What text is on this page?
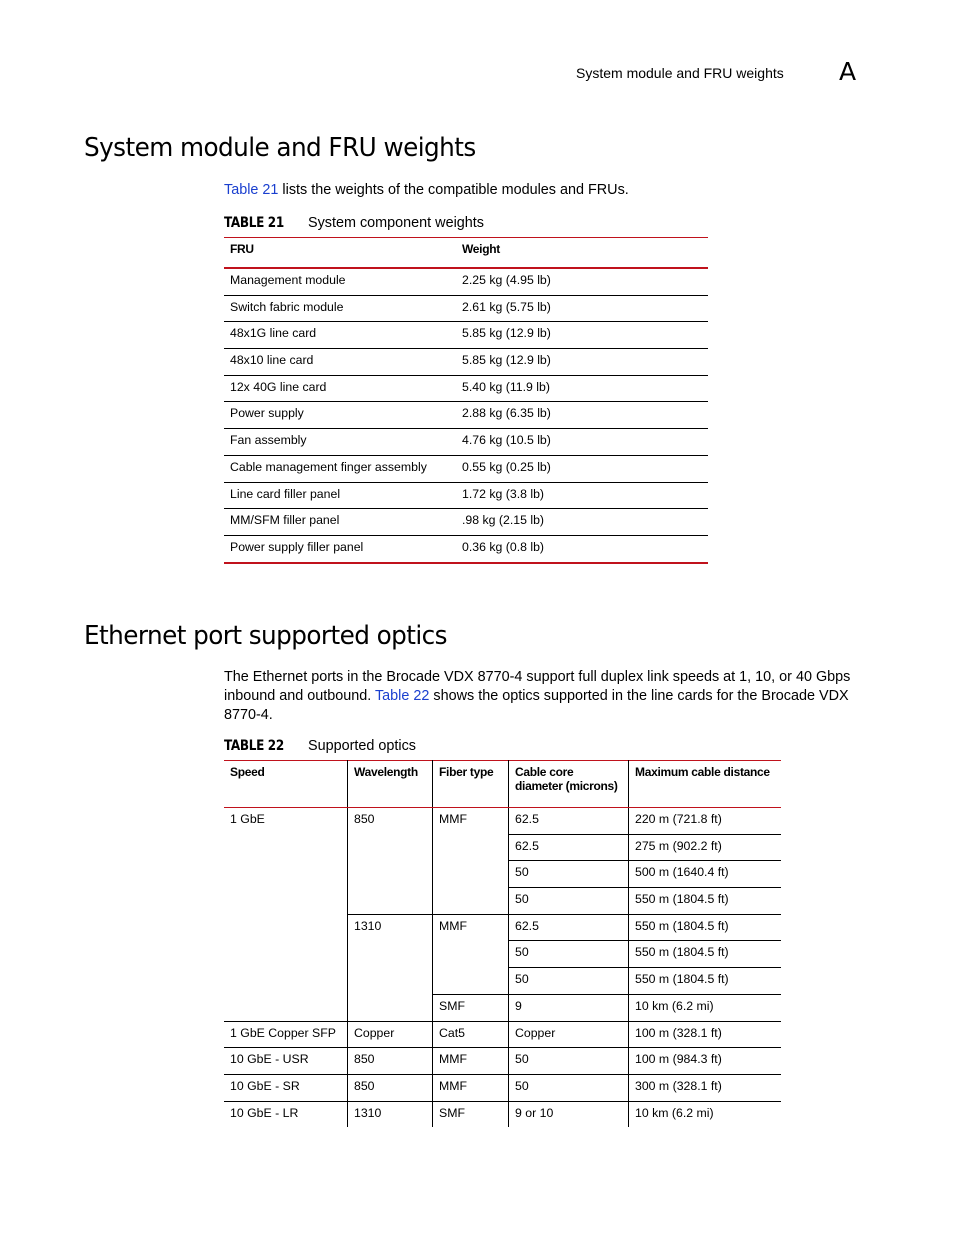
System module and FRU weights A
System module and FRU weights

Table 21 lists the weights of the compatible modules and FRUs.

TABLE 21 System component weights
FRU	Weight
Management module	2.25 kg (4.95 lb)
Switch fabric module	2.61 kg (5.75 lb)
48x1G line card	5.85 kg (12.9 lb)
48x10 line card	5.85 kg (12.9 lb)
12x 40G line card	5.40 kg (11.9 lb)
Power supply	2.88 kg (6.35 lb)
Fan assembly	4.76 kg (10.5 lb)
Cable management finger assembly	0.55 kg (0.25 lb)
Line card filler panel	1.72 kg (3.8 lb)
MM/SFM filler panel	.98 kg (2.15 lb)
Power supply filler panel	0.36 kg (0.8 lb)
Ethernet port supported optics

The Ethernet ports in the Brocade VDX 8770-4 support full duplex link speeds at 1, 10, or 40 Gbps
inbound and outbound. Table 22 shows the optics supported in the line cards for the Brocade VDX
8770-4.

TABLE 22 Supported optics
Speed	Wavelength	Fiber type	Cable core diameter (microns)	Maximum cable distance
1 GbE	850	MMF	62.5	220 m (721.8 ft)
			62.5	275 m (902.2 ft)
			50	500 m (1640.4 ft)
			50	550 m (1804.5 ft)
	1310	MMF	62.5	550 m (1804.5 ft)
			50	550 m (1804.5 ft)
			50	550 m (1804.5 ft)
		SMF	9	10 km (6.2 mi)
1 GbE Copper SFP	Copper	Cat5	Copper	100 m (328.1 ft)
10 GbE - USR	850	MMF	50	100 m (984.3 ft)
10 GbE - SR	850	MMF	50	300 m (328.1 ft)
10 GbE - LR	1310	SMF	9 or 10	10 km (6.2 mi)
